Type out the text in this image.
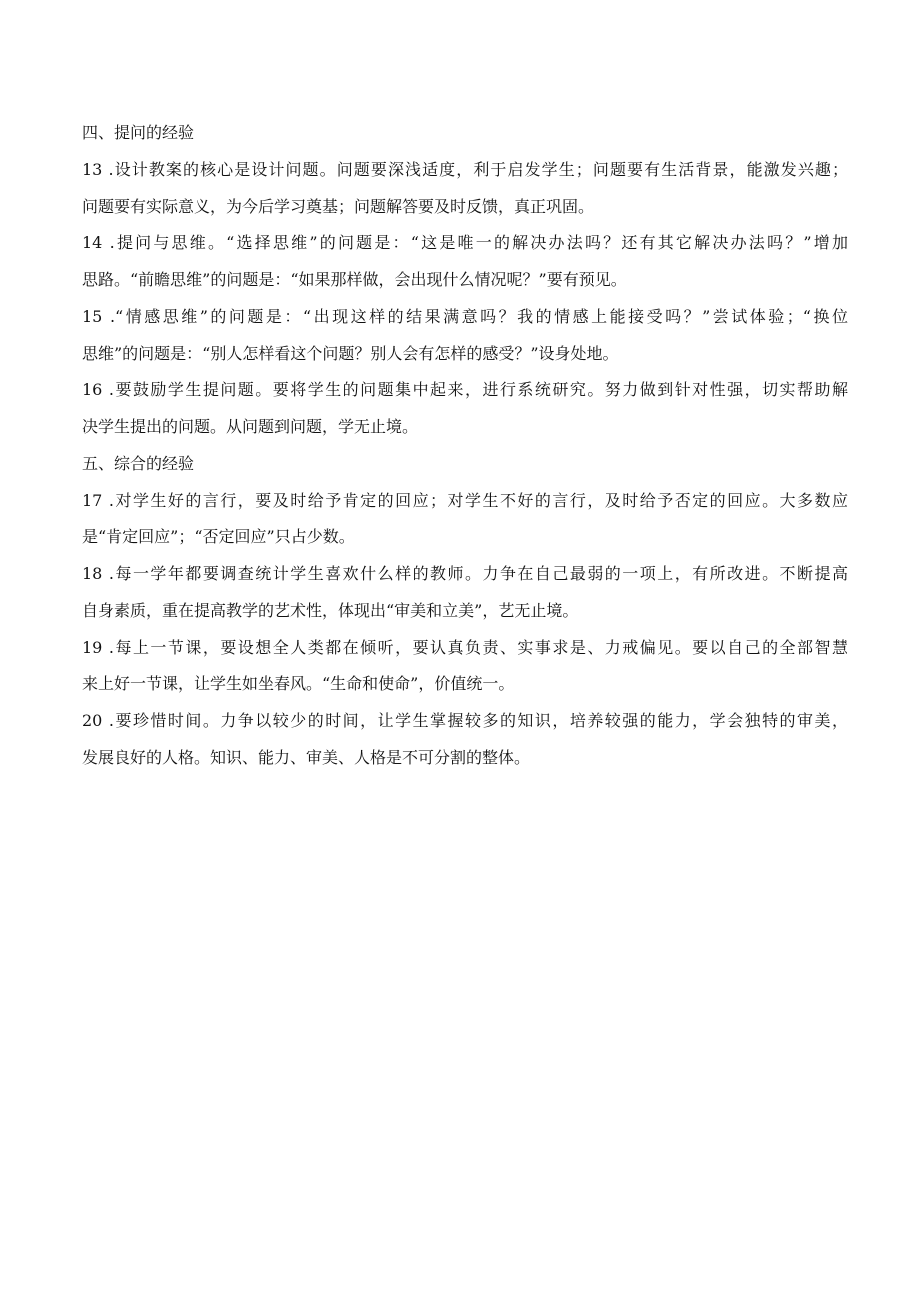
四、提问的经验
13 .设计教案的核心是设计问题。问题要深浅适度，利于启发学生；问题要有生活背景，能激发兴趣；
问题要有实际意义，为今后学习奠基；问题解答要及时反馈，真正巩固。
14 .提问与思维。“选择思维”的问题是：“这是唯一的解决办法吗？还有其它解决办法吗？”增加
思路。“前瞻思维”的问题是：“如果那样做，会出现什么情况呢？”要有预见。
15 .“情感思维”的问题是：“出现这样的结果满意吗？我的情感上能接受吗？”尝试体验；“换位
思维”的问题是：“别人怎样看这个问题？别人会有怎样的感受？”设身处地。
16 .要鼓励学生提问题。要将学生的问题集中起来，进行系统研究。努力做到针对性强，切实帮助解
决学生提出的问题。从问题到问题，学无止境。
五、综合的经验
17 .对学生好的言行，要及时给予肯定的回应；对学生不好的言行，及时给予否定的回应。大多数应
是“肯定回应”；“否定回应”只占少数。
18 .每一学年都要调查统计学生喜欢什么样的教师。力争在自己最弱的一项上，有所改进。不断提高
自身素质，重在提高教学的艺术性，体现出“审美和立美”，艺无止境。
19 .每上一节课，要设想全人类都在倾听，要认真负责、实事求是、力戒偏见。要以自己的全部智慧
来上好一节课，让学生如坐春风。“生命和使命”，价值统一。
20 .要珍惜时间。力争以较少的时间，让学生掌握较多的知识，培养较强的能力，学会独特的审美，
发展良好的人格。知识、能力、审美、人格是不可分割的整体。
